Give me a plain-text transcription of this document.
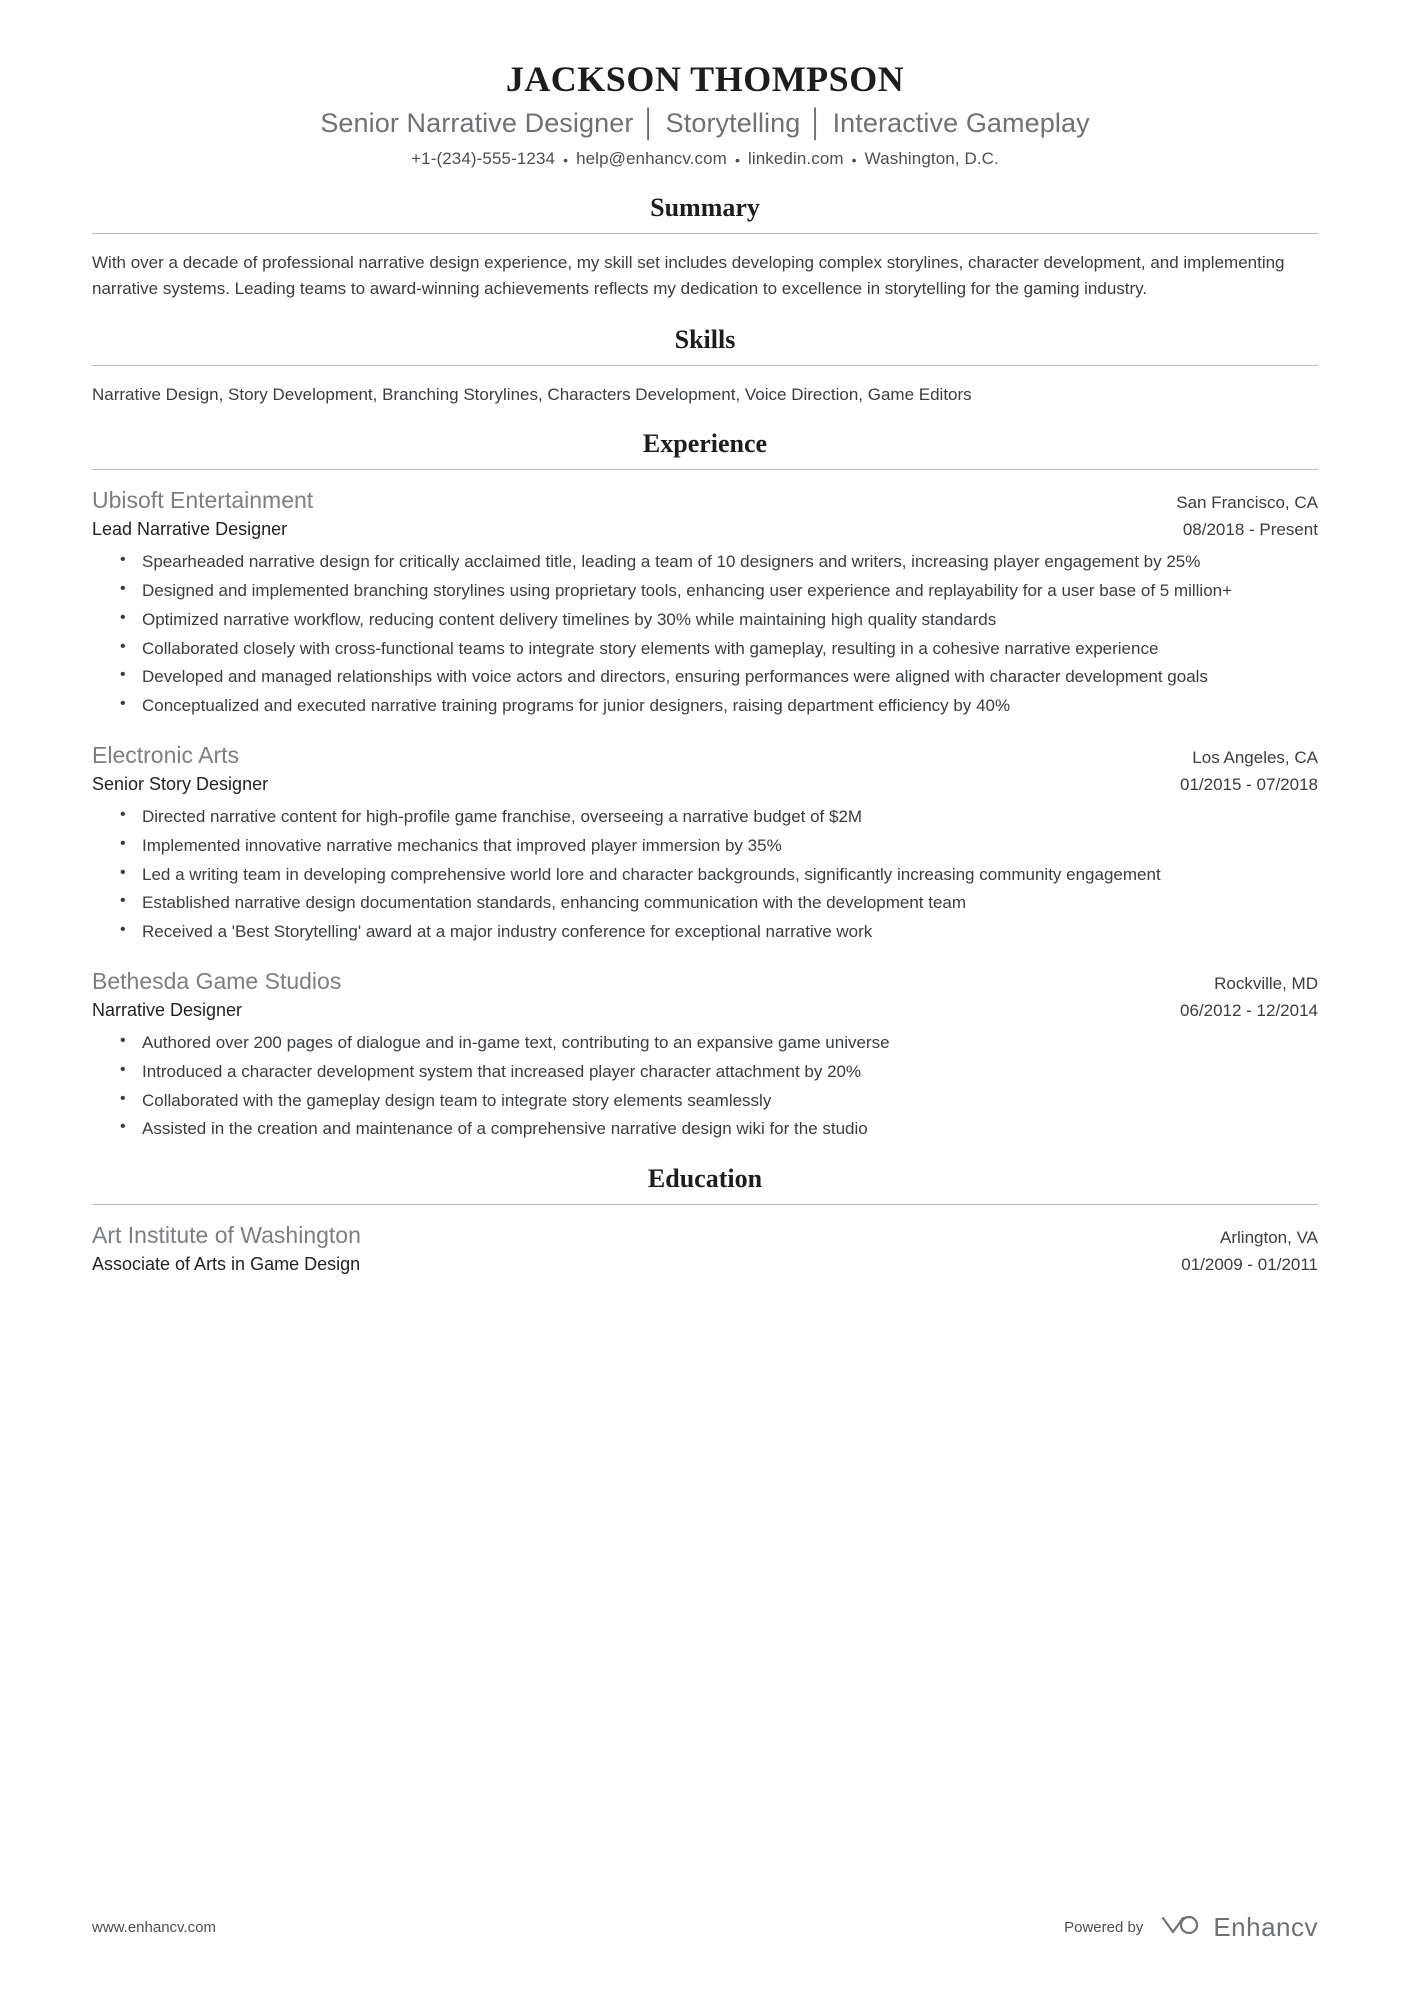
JACKSON THOMPSON
Senior Narrative Designer │ Storytelling │ Interactive Gameplay
+1-(234)-555-1234 • help@enhancv.com • linkedin.com • Washington, D.C.
Summary
With over a decade of professional narrative design experience, my skill set includes developing complex storylines, character development, and implementing narrative systems. Leading teams to award-winning achievements reflects my dedication to excellence in storytelling for the gaming industry.
Skills
Narrative Design, Story Development, Branching Storylines, Characters Development, Voice Direction, Game Editors
Experience
Ubisoft Entertainment	San Francisco, CA
Lead Narrative Designer	08/2018 - Present
• Spearheaded narrative design for critically acclaimed title, leading a team of 10 designers and writers, increasing player engagement by 25%
• Designed and implemented branching storylines using proprietary tools, enhancing user experience and replayability for a user base of 5 million+
• Optimized narrative workflow, reducing content delivery timelines by 30% while maintaining high quality standards
• Collaborated closely with cross-functional teams to integrate story elements with gameplay, resulting in a cohesive narrative experience
• Developed and managed relationships with voice actors and directors, ensuring performances were aligned with character development goals
• Conceptualized and executed narrative training programs for junior designers, raising department efficiency by 40%
Electronic Arts	Los Angeles, CA
Senior Story Designer	01/2015 - 07/2018
• Directed narrative content for high-profile game franchise, overseeing a narrative budget of $2M
• Implemented innovative narrative mechanics that improved player immersion by 35%
• Led a writing team in developing comprehensive world lore and character backgrounds, significantly increasing community engagement
• Established narrative design documentation standards, enhancing communication with the development team
• Received a 'Best Storytelling' award at a major industry conference for exceptional narrative work
Bethesda Game Studios	Rockville, MD
Narrative Designer	06/2012 - 12/2014
• Authored over 200 pages of dialogue and in-game text, contributing to an expansive game universe
• Introduced a character development system that increased player character attachment by 20%
• Collaborated with the gameplay design team to integrate story elements seamlessly
• Assisted in the creation and maintenance of a comprehensive narrative design wiki for the studio
Education
Art Institute of Washington	Arlington, VA
Associate of Arts in Game Design	01/2009 - 01/2011
www.enhancv.com	Powered by	Enhancv
